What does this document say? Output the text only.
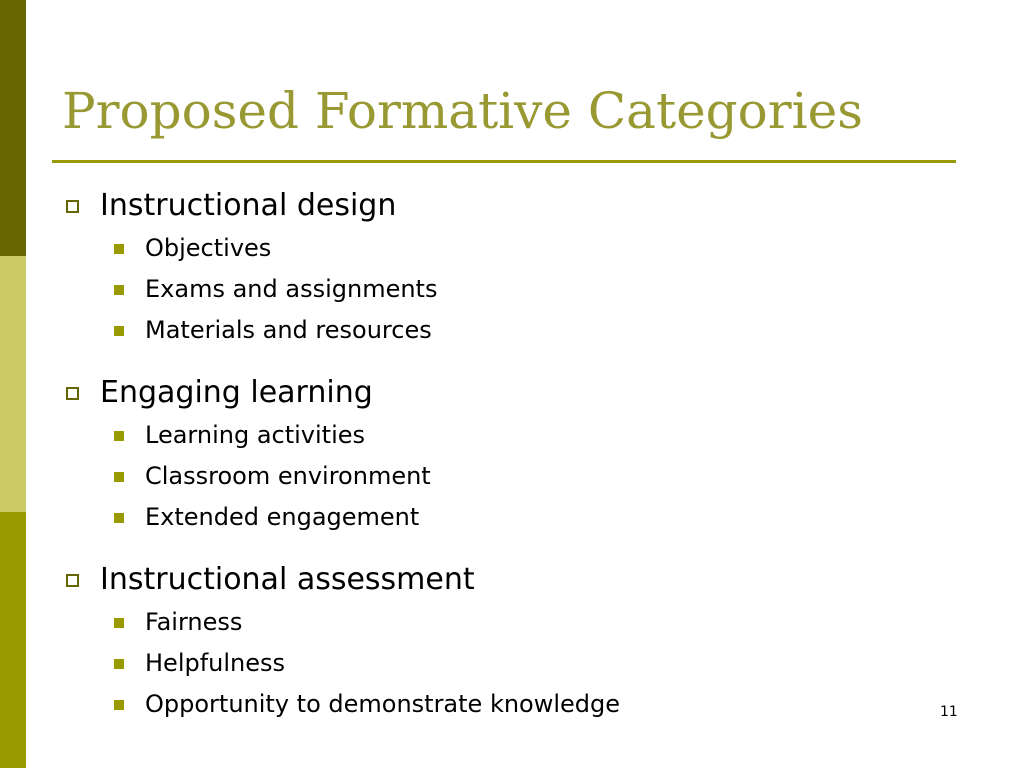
Proposed Formative Categories
Instructional design
Objectives
Exams and assignments
Materials and resources
Engaging learning
Learning activities
Classroom environment
Extended engagement
Instructional assessment
Fairness
Helpfulness
Opportunity to demonstrate knowledge	11
